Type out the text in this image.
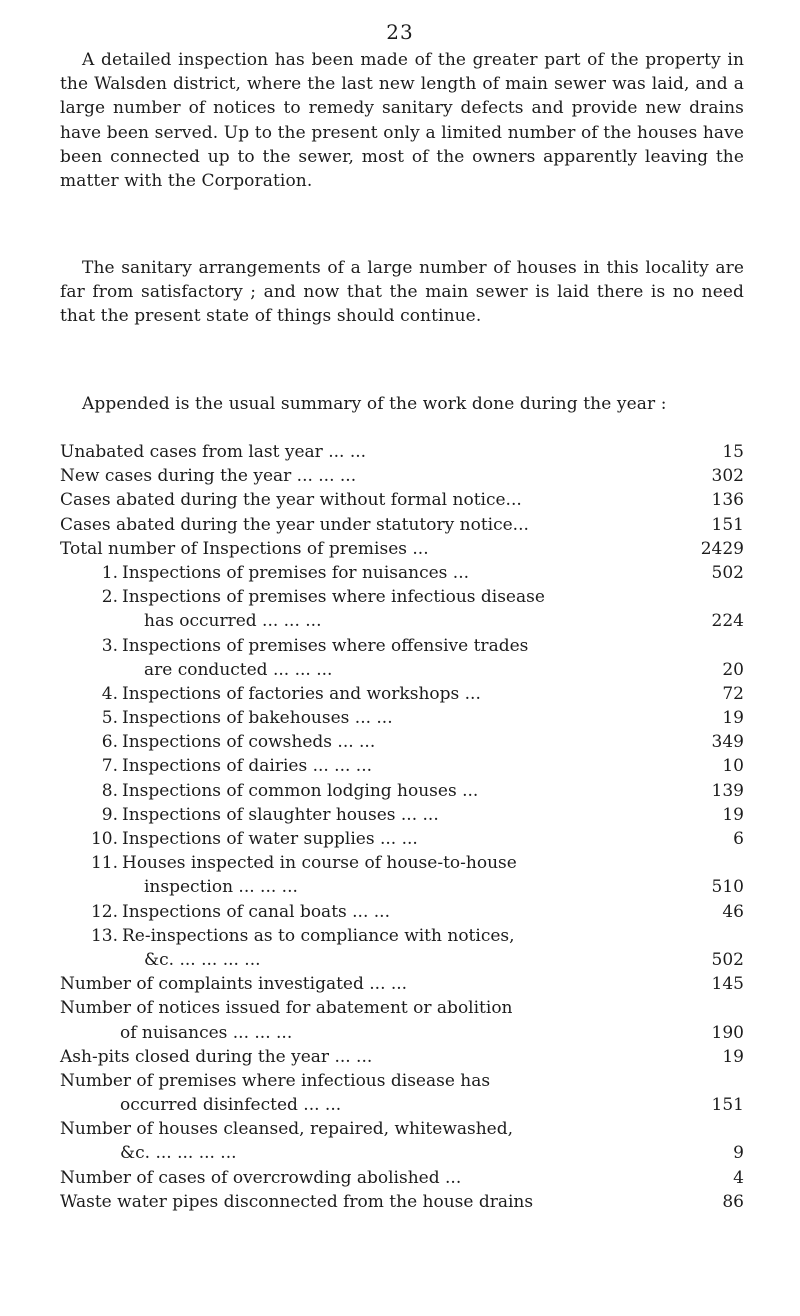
23

A detailed inspection has been made of the greater part of the property in the Walsden district, where the last new length of main sewer was laid, and a large number of notices to remedy sanitary defects and provide new drains have been served. Up to the present only a limited number of the houses have been connected up to the sewer, most of the owners apparently leaving the matter with the Corporation.

The sanitary arrangements of a large number of houses in this locality are far from satisfactory ; and now that the main sewer is laid there is no need that the present state of things should continue.

Appended is the usual summary of the work done during the year :

Unabated cases from last year ... ...	15
New cases during the year ... ... ...	302
Cases abated during the year without formal notice...	136
Cases abated during the year under statutory notice...	151
Total number of Inspections of premises ...	2429
1. Inspections of premises for nuisances ...	502
2. Inspections of premises where infectious disease
has occurred ... ... ...	224
3. Inspections of premises where offensive trades
are conducted ... ... ...	20
4. Inspections of factories and workshops ...	72
5. Inspections of bakehouses ... ...	19
6. Inspections of cowsheds ... ...	349
7. Inspections of dairies ... ... ...	10
8. Inspections of common lodging houses ...	139
9. Inspections of slaughter houses ... ...	19
10. Inspections of water supplies ... ...	6
11. Houses inspected in course of house-to-house
inspection ... ... ...	510
12. Inspections of canal boats ... ...	46
13. Re-inspections as to compliance with notices,
&c. ... ... ... ...	502
Number of complaints investigated ... ...	145
Number of notices issued for abatement or abolition
of nuisances ... ... ...	190
Ash-pits closed during the year ... ...	19
Number of premises where infectious disease has
occurred disinfected ... ...	151
Number of houses cleansed, repaired, whitewashed,
&c. ... ... ... ...	9
Number of cases of overcrowding abolished ...	4
Waste water pipes disconnected from the house drains	86
